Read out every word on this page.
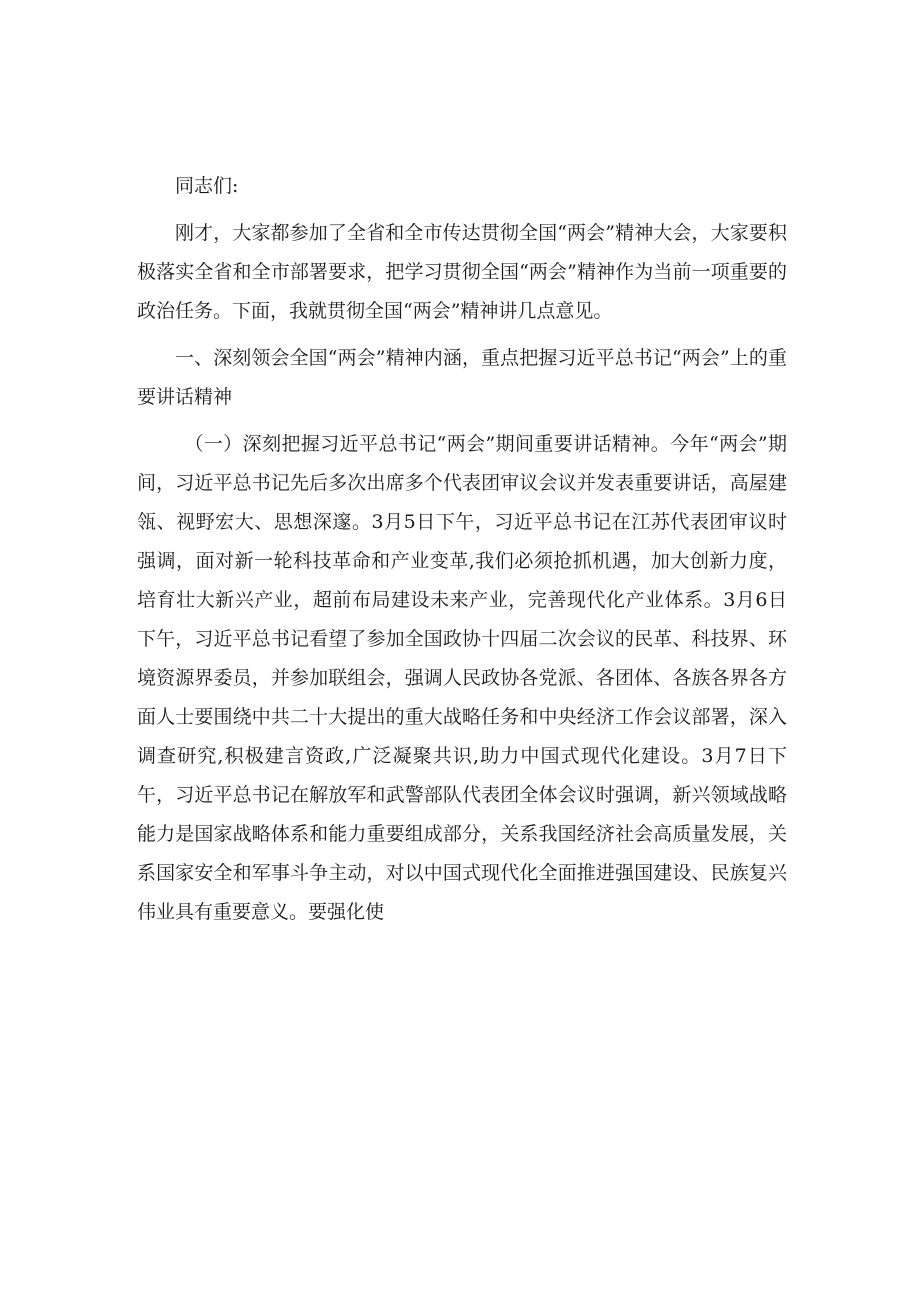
同志们:

刚才，大家都参加了全省和全市传达贯彻全国“两会”精神大会，大家要积极落实全省和全市部署要求，把学习贯彻全国“两会”精神作为当前一项重要的政治任务。下面，我就贯彻全国“两会”精神讲几点意见。

一、深刻领会全国“两会”精神内涵，重点把握习近平总书记“两会”上的重要讲话精神

（一）深刻把握习近平总书记“两会”期间重要讲话精神。今年“两会”期间，习近平总书记先后多次出席多个代表团审议会议并发表重要讲话，高屋建瓴、视野宏大、思想深邃。3月5日下午，习近平总书记在江苏代表团审议时强调，面对新一轮科技革命和产业变革,我们必须抢抓机遇，加大创新力度，培育壮大新兴产业，超前布局建设未来产业，完善现代化产业体系。3月6日下午，习近平总书记看望了参加全国政协十四届二次会议的民革、科技界、环境资源界委员，并参加联组会，强调人民政协各党派、各团体、各族各界各方面人士要围绕中共二十大提出的重大战略任务和中央经济工作会议部署，深入调查研究,积极建言资政,广泛凝聚共识,助力中国式现代化建设。3月7日下午，习近平总书记在解放军和武警部队代表团全体会议时强调，新兴领域战略能力是国家战略体系和能力重要组成部分，关系我国经济社会高质量发展，关系国家安全和军事斗争主动，对以中国式现代化全面推进强国建设、民族复兴伟业具有重要意义。要强化使
